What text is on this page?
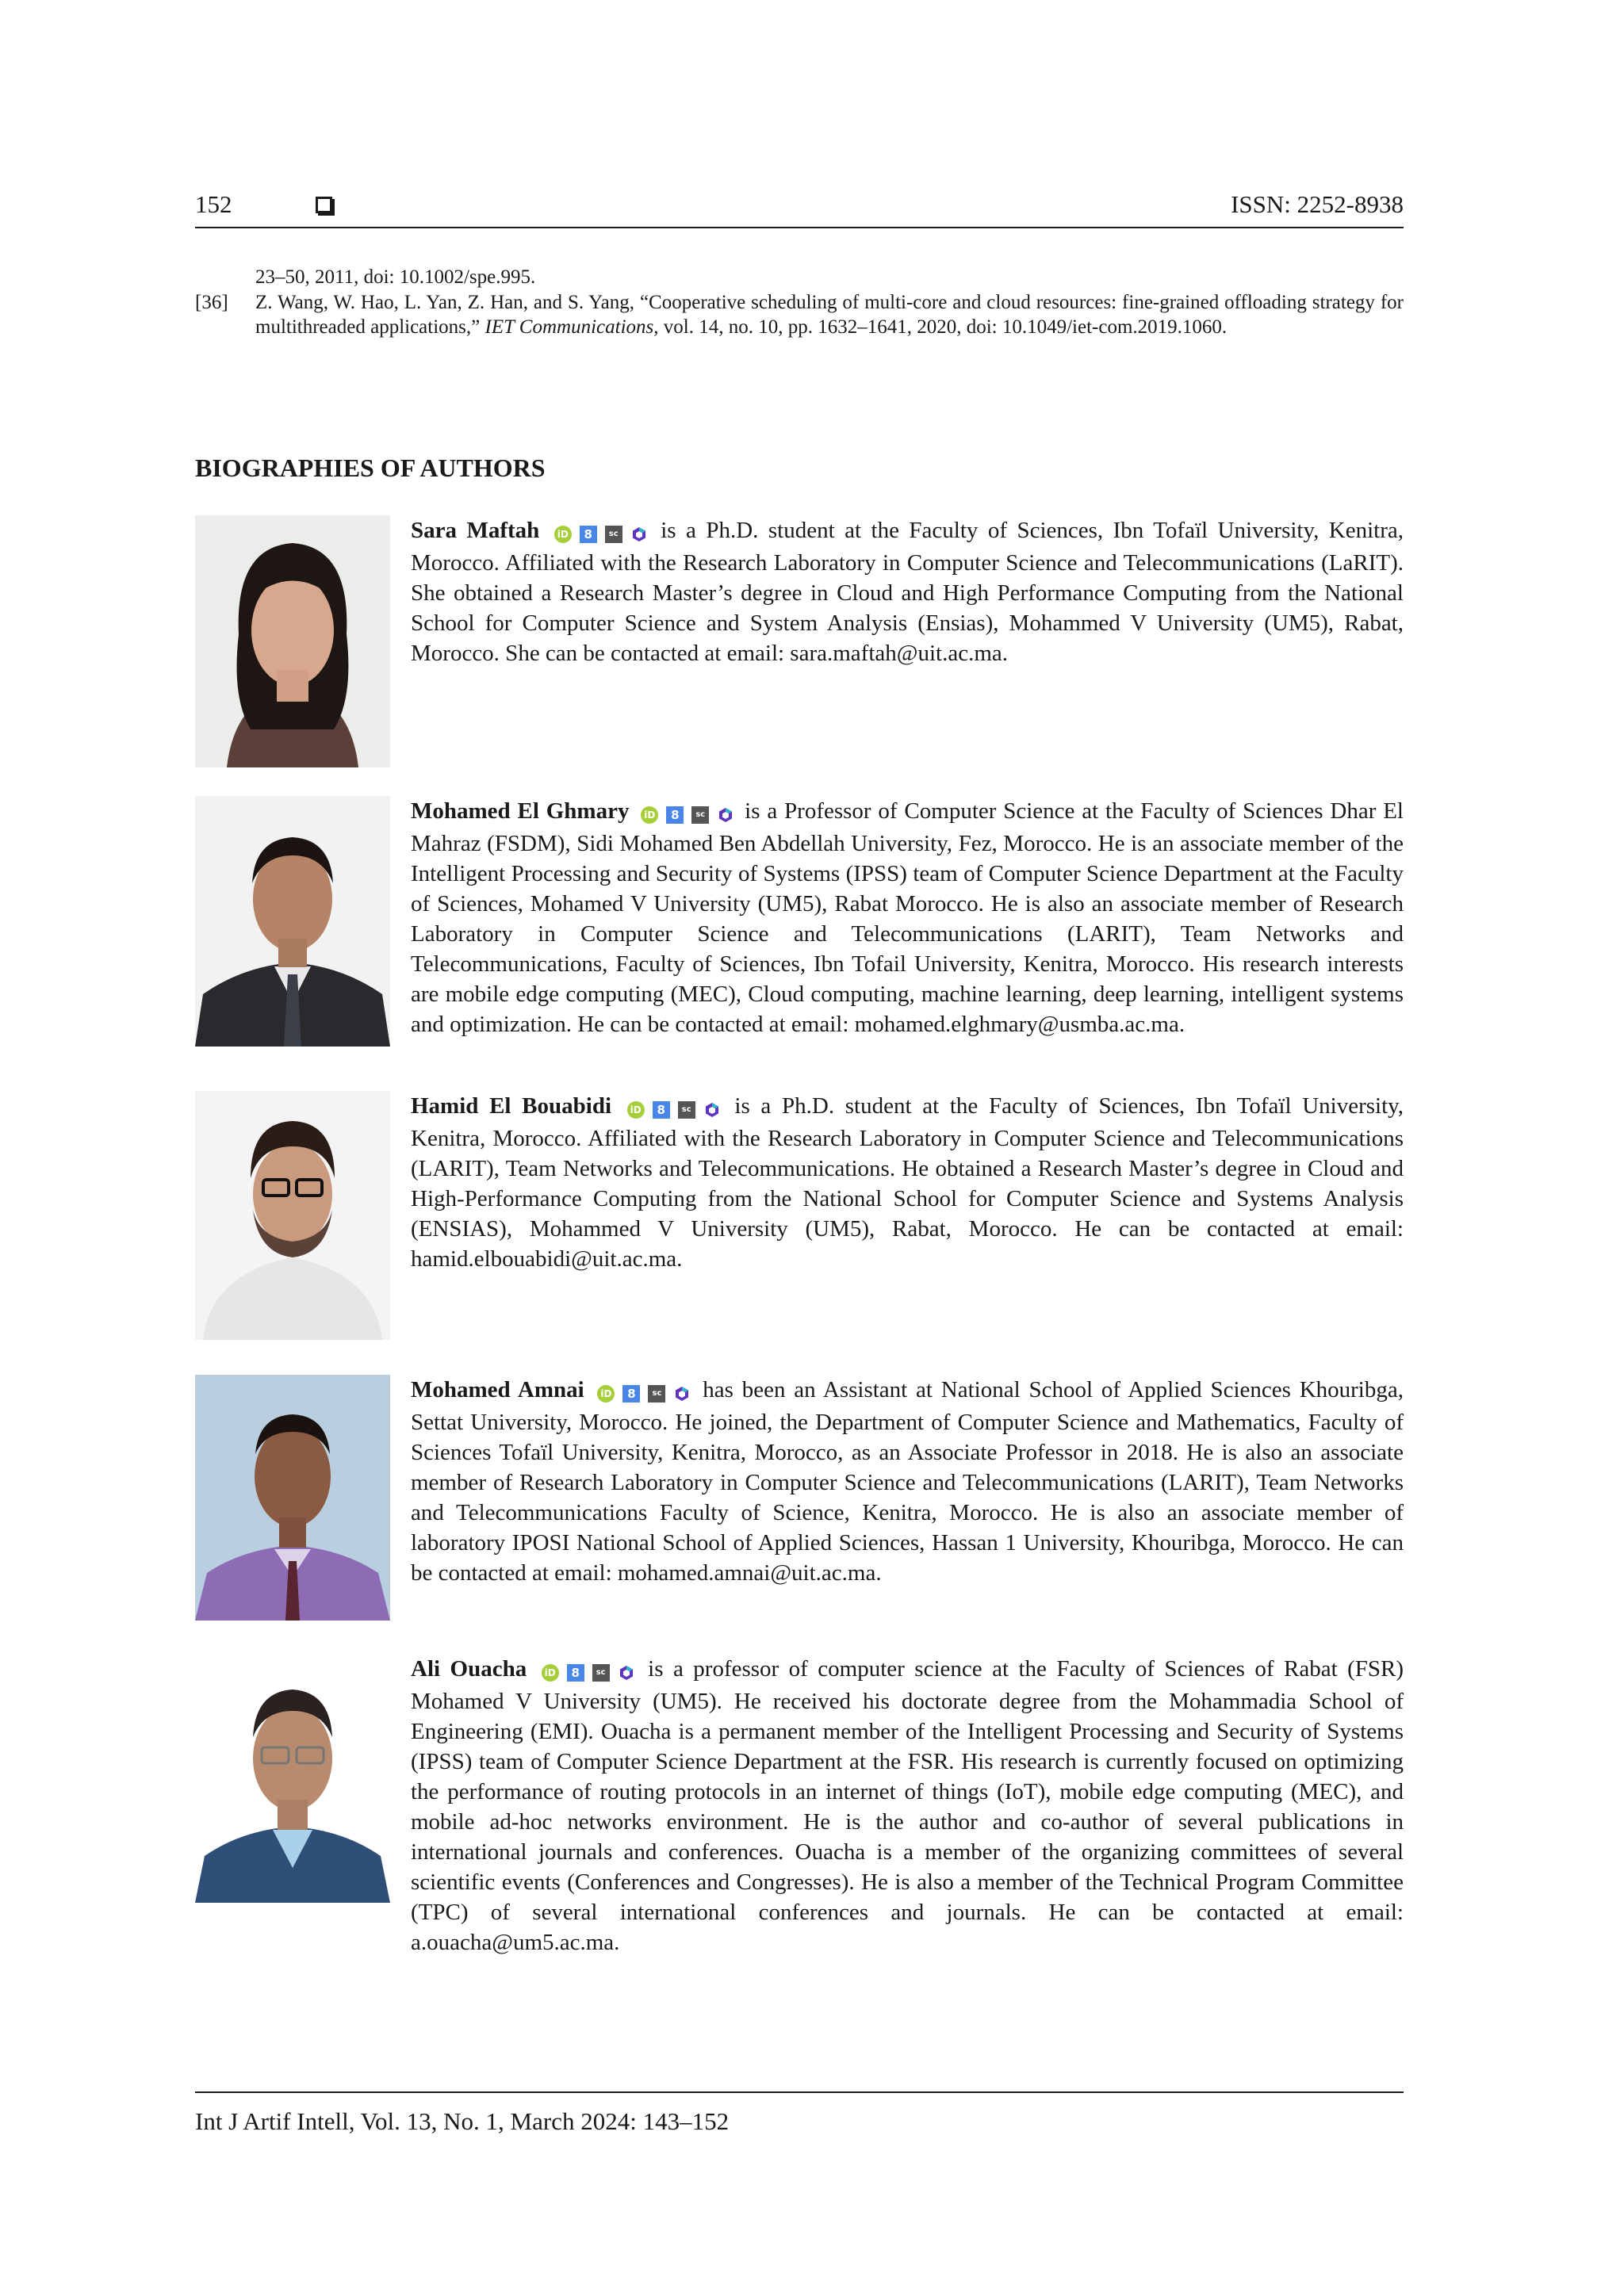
152	ISSN: 2252-8938
23–50, 2011, doi: 10.1002/spe.995.
[36] Z. Wang, W. Hao, L. Yan, Z. Han, and S. Yang, “Cooperative scheduling of multi-core and cloud resources: fine-grained offloading strategy for multithreaded applications,” IET Communications, vol. 14, no. 10, pp. 1632–1641, 2020, doi: 10.1049/iet-com.2019.1060.
BIOGRAPHIES OF AUTHORS
Sara Maftah iD 8 sc is a Ph.D. student at the Faculty of Sciences, Ibn Tofaïl University, Kenitra, Morocco. Affiliated with the Research Laboratory in Computer Science and Telecommunications (LaRIT). She obtained a Research Master’s degree in Cloud and High Performance Computing from the National School for Computer Science and System Analysis (Ensias), Mohammed V University (UM5), Rabat, Morocco. She can be contacted at email: sara.maftah@uit.ac.ma.
Mohamed El Ghmary iD 8 sc is a Professor of Computer Science at the Faculty of Sciences Dhar El Mahraz (FSDM), Sidi Mohamed Ben Abdellah University, Fez, Morocco. He is an associate member of the Intelligent Processing and Security of Systems (IPSS) team of Computer Science Department at the Faculty of Sciences, Mohamed V University (UM5), Rabat Morocco. He is also an associate member of Research Laboratory in Computer Science and Telecommunications (LARIT), Team Networks and Telecommunications, Faculty of Sciences, Ibn Tofail University, Kenitra, Morocco. His research interests are mobile edge computing (MEC), Cloud computing, machine learning, deep learning, intelligent systems and optimization. He can be contacted at email: mohamed.elghmary@usmba.ac.ma.
Hamid El Bouabidi iD 8 sc is a Ph.D. student at the Faculty of Sciences, Ibn Tofaïl University, Kenitra, Morocco. Affiliated with the Research Laboratory in Computer Science and Telecommunications (LARIT), Team Networks and Telecommunications. He obtained a Research Master’s degree in Cloud and High-Performance Computing from the National School for Computer Science and Systems Analysis (ENSIAS), Mohammed V University (UM5), Rabat, Morocco. He can be contacted at email: hamid.elbouabidi@uit.ac.ma.
Mohamed Amnai iD 8 sc has been an Assistant at National School of Applied Sciences Khouribga, Settat University, Morocco. He joined, the Department of Computer Science and Mathematics, Faculty of Sciences Tofaïl University, Kenitra, Morocco, as an Associate Professor in 2018. He is also an associate member of Research Laboratory in Computer Science and Telecommunications (LARIT), Team Networks and Telecommunications Faculty of Science, Kenitra, Morocco. He is also an associate member of laboratory IPOSI National School of Applied Sciences, Hassan 1 University, Khouribga, Morocco. He can be contacted at email: mohamed.amnai@uit.ac.ma.
Ali Ouacha iD 8 sc is a professor of computer science at the Faculty of Sciences of Rabat (FSR) Mohamed V University (UM5). He received his doctorate degree from the Mohammadia School of Engineering (EMI). Ouacha is a permanent member of the Intelligent Processing and Security of Systems (IPSS) team of Computer Science Department at the FSR. His research is currently focused on optimizing the performance of routing protocols in an internet of things (IoT), mobile edge computing (MEC), and mobile ad-hoc networks environment. He is the author and co-author of several publications in international journals and conferences. Ouacha is a member of the organizing committees of several scientific events (Conferences and Congresses). He is also a member of the Technical Program Committee (TPC) of several international conferences and journals. He can be contacted at email: a.ouacha@um5.ac.ma.
Int J Artif Intell, Vol. 13, No. 1, March 2024: 143–152
